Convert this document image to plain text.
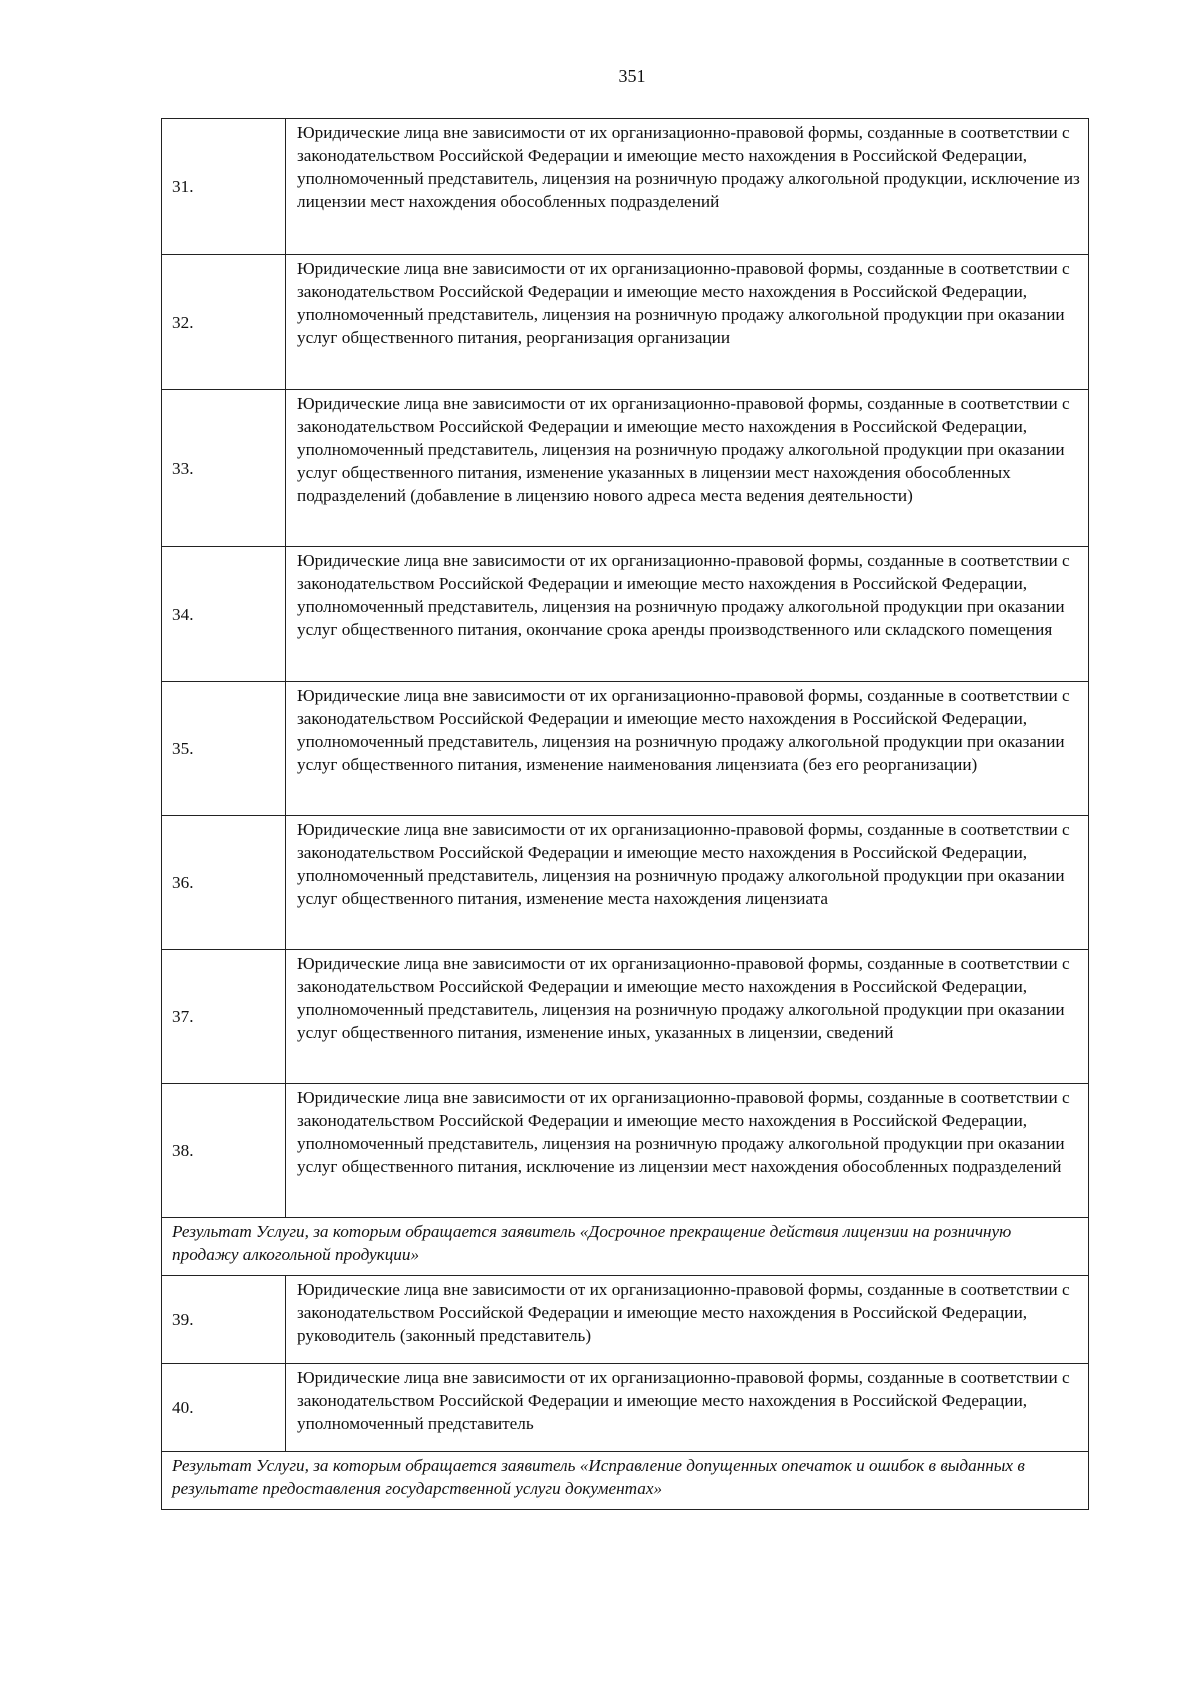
351
31.	Юридические лица вне зависимости от их организационно-правовой формы, созданные в соответствии с законодательством Российской Федерации и имеющие место нахождения в Российской Федерации, уполномоченный представитель, лицензия на розничную продажу алкогольной продукции, исключение из лицензии мест нахождения обособленных подразделений
32.	Юридические лица вне зависимости от их организационно-правовой формы, созданные в соответствии с законодательством Российской Федерации и имеющие место нахождения в Российской Федерации, уполномоченный представитель, лицензия на розничную продажу алкогольной продукции при оказании услуг общественного питания, реорганизация организации
33.	Юридические лица вне зависимости от их организационно-правовой формы, созданные в соответствии с законодательством Российской Федерации и имеющие место нахождения в Российской Федерации, уполномоченный представитель, лицензия на розничную продажу алкогольной продукции при оказании услуг общественного питания, изменение указанных в лицензии мест нахождения обособленных подразделений (добавление в лицензию нового адреса места ведения деятельности)
34.	Юридические лица вне зависимости от их организационно-правовой формы, созданные в соответствии с законодательством Российской Федерации и имеющие место нахождения в Российской Федерации, уполномоченный представитель, лицензия на розничную продажу алкогольной продукции при оказании услуг общественного питания, окончание срока аренды производственного или складского помещения
35.	Юридические лица вне зависимости от их организационно-правовой формы, созданные в соответствии с законодательством Российской Федерации и имеющие место нахождения в Российской Федерации, уполномоченный представитель, лицензия на розничную продажу алкогольной продукции при оказании услуг общественного питания, изменение наименования лицензиата (без его реорганизации)
36.	Юридические лица вне зависимости от их организационно-правовой формы, созданные в соответствии с законодательством Российской Федерации и имеющие место нахождения в Российской Федерации, уполномоченный представитель, лицензия на розничную продажу алкогольной продукции при оказании услуг общественного питания, изменение места нахождения лицензиата
37.	Юридические лица вне зависимости от их организационно-правовой формы, созданные в соответствии с законодательством Российской Федерации и имеющие место нахождения в Российской Федерации, уполномоченный представитель, лицензия на розничную продажу алкогольной продукции при оказании услуг общественного питания, изменение иных, указанных в лицензии, сведений
38.	Юридические лица вне зависимости от их организационно-правовой формы, созданные в соответствии с законодательством Российской Федерации и имеющие место нахождения в Российской Федерации, уполномоченный представитель, лицензия на розничную продажу алкогольной продукции при оказании услуг общественного питания, исключение из лицензии мест нахождения обособленных подразделений
Результат Услуги, за которым обращается заявитель «Досрочное прекращение действия лицензии на розничную продажу алкогольной продукции»	
39.	Юридические лица вне зависимости от их организационно-правовой формы, созданные в соответствии с законодательством Российской Федерации и имеющие место нахождения в Российской Федерации, руководитель (законный представитель)
40.	Юридические лица вне зависимости от их организационно-правовой формы, созданные в соответствии с законодательством Российской Федерации и имеющие место нахождения в Российской Федерации, уполномоченный представитель
Результат Услуги, за которым обращается заявитель «Исправление допущенных опечаток и ошибок в выданных в результате предоставления государственной услуги документах»	
